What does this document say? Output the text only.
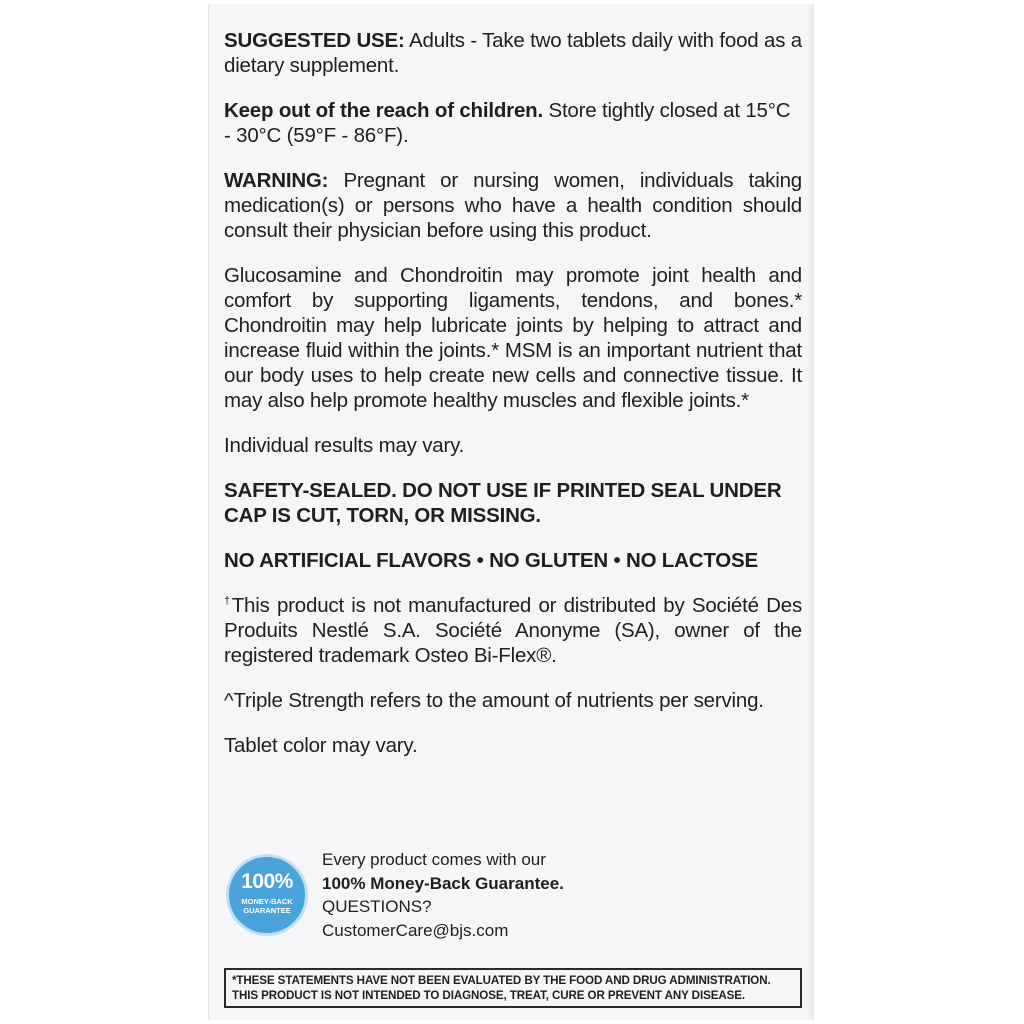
SUGGESTED USE: Adults - Take two tablets daily with food as a dietary supplement.

Keep out of the reach of children. Store tightly closed at 15°C - 30°C (59°F - 86°F).

WARNING: Pregnant or nursing women, individuals taking medication(s) or persons who have a health condition should consult their physician before using this product.

Glucosamine and Chondroitin may promote joint health and comfort by supporting ligaments, tendons, and bones.* Chondroitin may help lubricate joints by helping to attract and increase fluid within the joints.* MSM is an important nutrient that our body uses to help create new cells and connective tissue. It may also help promote healthy muscles and flexible joints.*

Individual results may vary.

SAFETY-SEALED. DO NOT USE IF PRINTED SEAL UNDER CAP IS CUT, TORN, OR MISSING.

NO ARTIFICIAL FLAVORS • NO GLUTEN • NO LACTOSE

†This product is not manufactured or distributed by Société Des Produits Nestlé S.A. Société Anonyme (SA), owner of the registered trademark Osteo Bi-Flex®.

^Triple Strength refers to the amount of nutrients per serving.

Tablet color may vary.

100%
MONEY-BACK
GUARANTEE
Every product comes with our
100% Money-Back Guarantee.
QUESTIONS?
CustomerCare@bjs.com
*THESE STATEMENTS HAVE NOT BEEN EVALUATED BY THE FOOD AND DRUG ADMINISTRATION.
THIS PRODUCT IS NOT INTENDED TO DIAGNOSE, TREAT, CURE OR PREVENT ANY DISEASE.
